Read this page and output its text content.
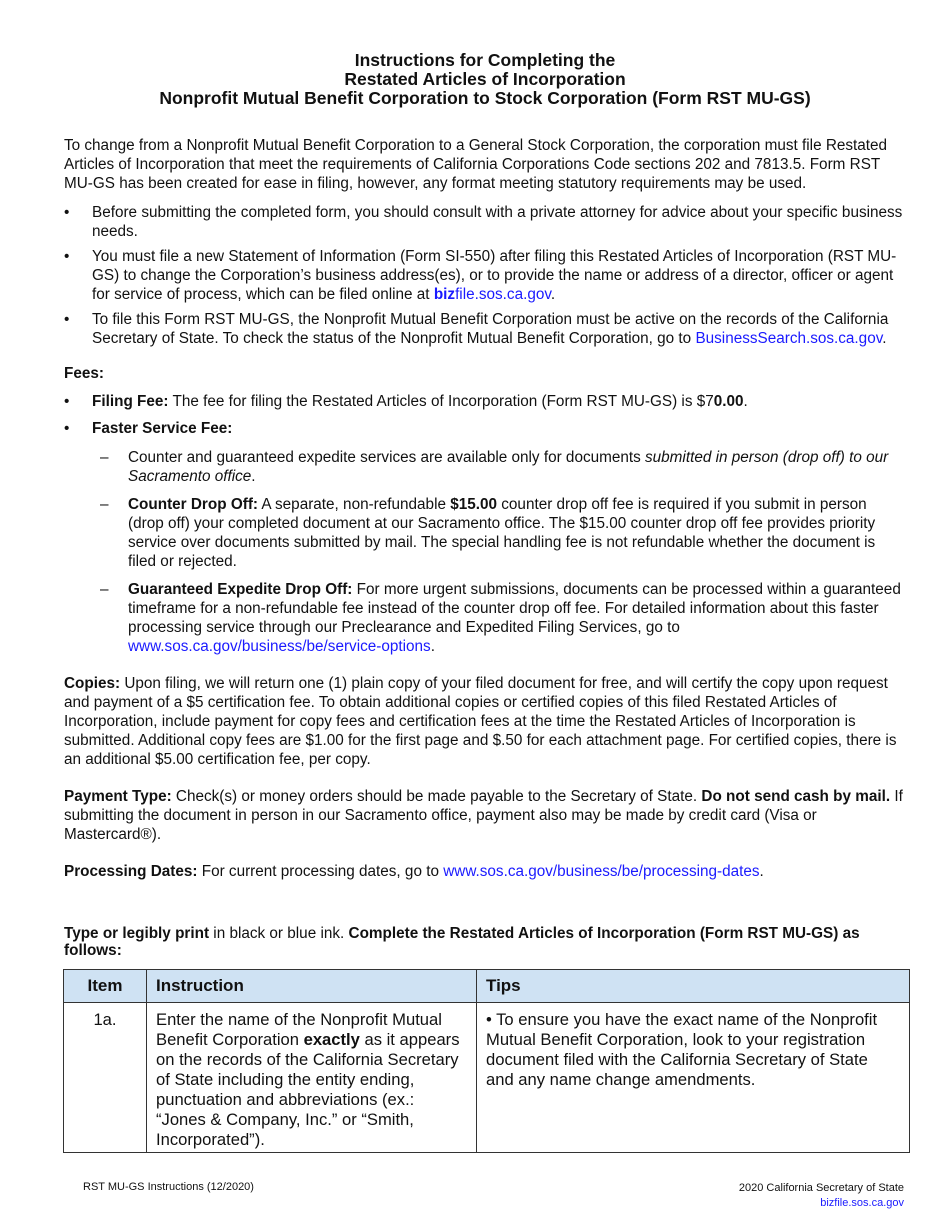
Instructions for Completing the
Restated Articles of Incorporation
Nonprofit Mutual Benefit Corporation to Stock Corporation (Form RST MU-GS)

To change from a Nonprofit Mutual Benefit Corporation to a General Stock Corporation, the corporation must file Restated Articles of Incorporation that meet the requirements of California Corporations Code sections 202 and 7813.5. Form RST MU-GS has been created for ease in filing, however, any format meeting statutory requirements may be used.

• Before submitting the completed form, you should consult with a private attorney for advice about your specific business needs.
• You must file a new Statement of Information (Form SI-550) after filing this Restated Articles of Incorporation (RST MU-GS) to change the Corporation’s business address(es), or to provide the name or address of a director, officer or agent for service of process, which can be filed online at bizfile.sos.ca.gov.
• To file this Form RST MU-GS, the Nonprofit Mutual Benefit Corporation must be active on the records of the California Secretary of State. To check the status of the Nonprofit Mutual Benefit Corporation, go to BusinessSearch.sos.ca.gov.

Fees:

• Filing Fee: The fee for filing the Restated Articles of Incorporation (Form RST MU-GS) is $70.00.
• Faster Service Fee:
– Counter and guaranteed expedite services are available only for documents submitted in person (drop off) to our Sacramento office.
– Counter Drop Off: A separate, non-refundable $15.00 counter drop off fee is required if you submit in person (drop off) your completed document at our Sacramento office. The $15.00 counter drop off fee provides priority service over documents submitted by mail. The special handling fee is not refundable whether the document is filed or rejected.
– Guaranteed Expedite Drop Off: For more urgent submissions, documents can be processed within a guaranteed timeframe for a non-refundable fee instead of the counter drop off fee. For detailed information about this faster processing service through our Preclearance and Expedited Filing Services, go to www.sos.ca.gov/business/be/service-options.

Copies: Upon filing, we will return one (1) plain copy of your filed document for free, and will certify the copy upon request and payment of a $5 certification fee. To obtain additional copies or certified copies of this filed Restated Articles of Incorporation, include payment for copy fees and certification fees at the time the Restated Articles of Incorporation is submitted. Additional copy fees are $1.00 for the first page and $.50 for each attachment page. For certified copies, there is an additional $5.00 certification fee, per copy.

Payment Type: Check(s) or money orders should be made payable to the Secretary of State. Do not send cash by mail. If submitting the document in person in our Sacramento office, payment also may be made by credit card (Visa or Mastercard®).

Processing Dates: For current processing dates, go to www.sos.ca.gov/business/be/processing-dates.

Type or legibly print in black or blue ink. Complete the Restated Articles of Incorporation (Form RST MU-GS) as follows:

Item	Instruction	Tips
1a.	Enter the name of the Nonprofit Mutual Benefit Corporation exactly as it appears on the records of the California Secretary of State including the entity ending, punctuation and abbreviations (ex.: “Jones & Company, Inc.” or “Smith, Incorporated”).	• To ensure you have the exact name of the Nonprofit Mutual Benefit Corporation, look to your registration document filed with the California Secretary of State and any name change amendments.
RST MU-GS Instructions (12/2020)	2020 California Secretary of State
bizfile.sos.ca.gov
